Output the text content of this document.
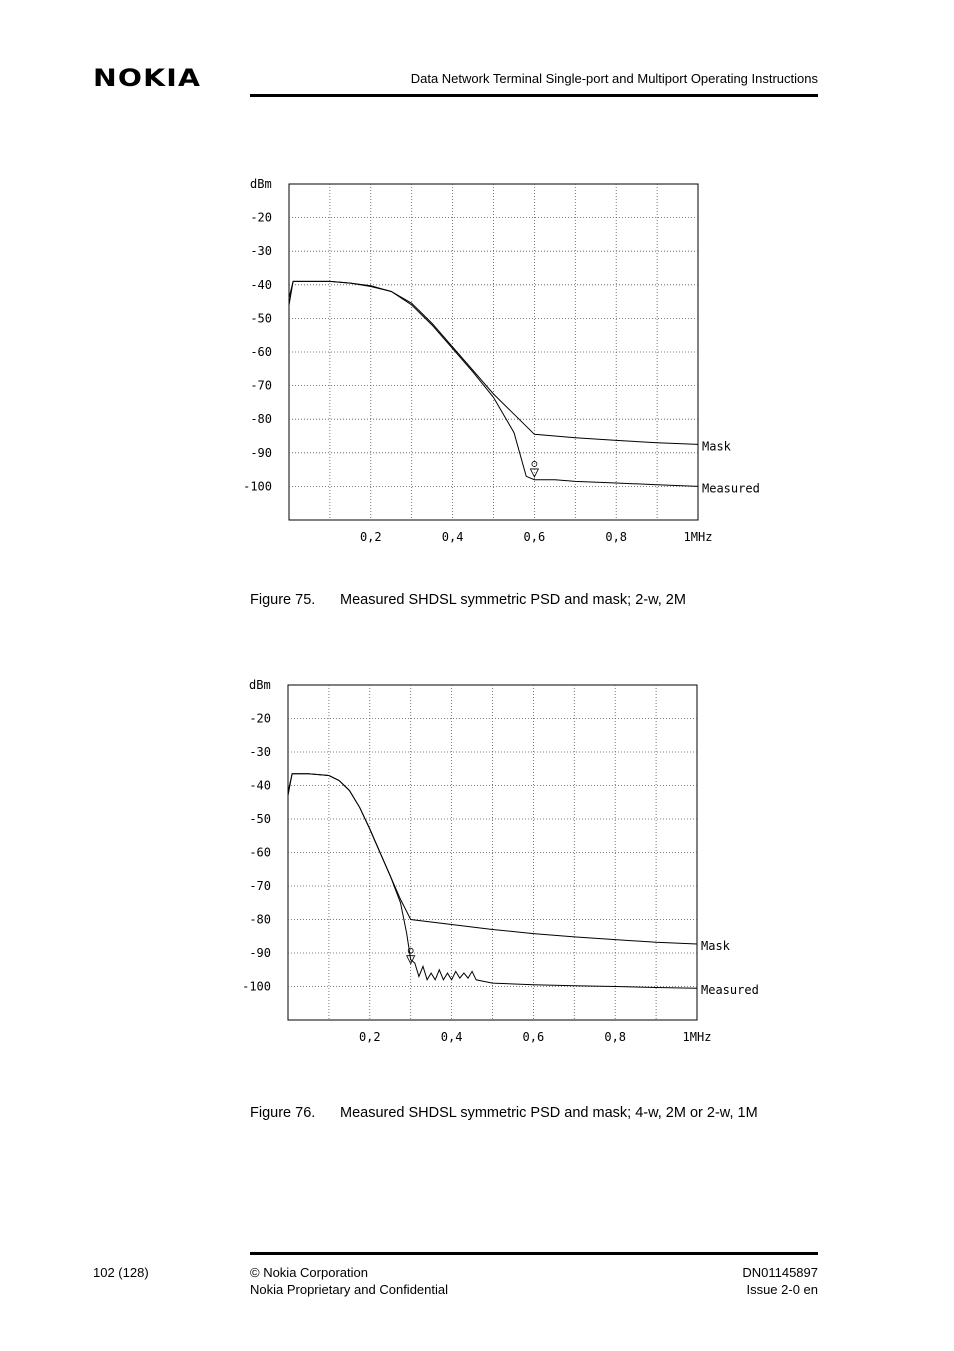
NOKIA	Data Network Terminal Single-port and Multiport Operating Instructions
-20
-30
-40
-50
-60
-70
-80
-90
-100
dBm
0,2	0,4	0,6	0,8	1MHz
Mask
Measured
Figure 75. Measured SHDSL symmetric PSD and mask; 2-w, 2M
-20
-30
-40
-50
-60
-70
-80
-90
-100
dBm
0,2	0,4	0,6	0,8	1MHz
Mask
Measured
Figure 76. Measured SHDSL symmetric PSD and mask; 4-w, 2M or 2-w, 1M
102 (128)	© Nokia Corporation
Nokia Proprietary and Confidential
DN01145897
Issue 2-0 en
